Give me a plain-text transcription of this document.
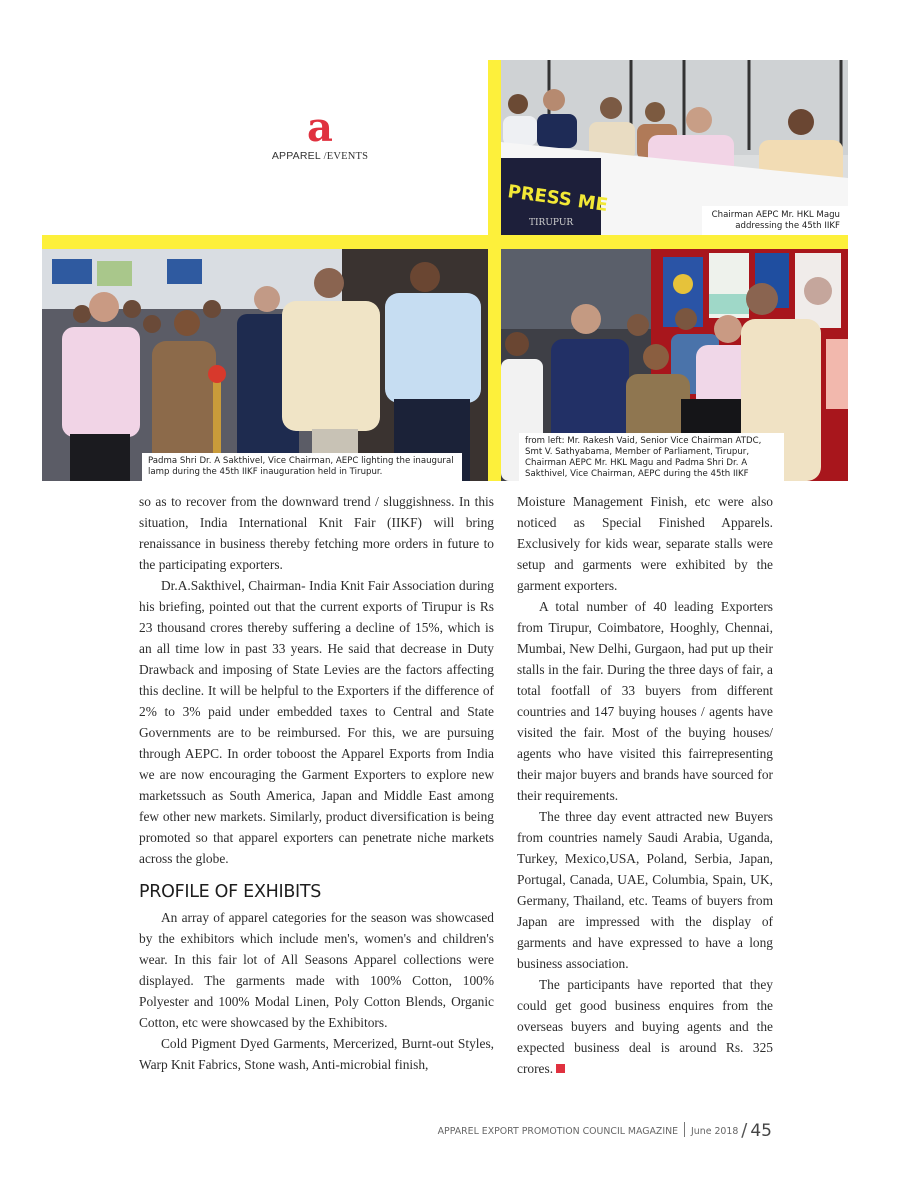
a
APPAREL /EVENTS
PRESS ME
TIRUPUR
Chairman AEPC Mr. HKL Magu
addressing the 45th IIKF
Padma Shri Dr. A Sakthivel, Vice Chairman, AEPC lighting the inaugural
lamp during the 45th IIKF inauguration held in Tirupur.
from left: Mr. Rakesh Vaid, Senior Vice Chairman ATDC,
Smt V. Sathyabama, Member of Parliament, Tirupur,
Chairman AEPC Mr. HKL Magu and Padma Shri Dr. A
Sakthivel, Vice Chairman, AEPC during the 45th IIKF

so as to recover from the downward trend / sluggishness. In this situation, India International Knit Fair (IIKF) will bring renaissance in business thereby fetching more orders in future to the participating exporters.

Dr.A.Sakthivel, Chairman- India Knit Fair Association during his briefing, pointed out that the current exports of Tirupur is Rs 23 thousand crores thereby suffering a decline of 15%, which is an all time low in past 33 years. He said that decrease in Duty Drawback and imposing of State Levies are the factors affecting this decline. It will be helpful to the Exporters if the difference of 2% to 3% paid under embedded taxes to Central and State Governments are to be reimbursed. For this, we are pursuing through AEPC. In order toboost the Apparel Exports from India we are now encouraging the Garment Exporters to explore new marketssuch as South America, Japan and Middle East among few other new markets. Similarly, product diversification is being promoted so that apparel exporters can penetrate niche markets across the globe.

PROFILE OF EXHIBITS

An array of apparel categories for the season was showcased by the exhibitors which include men's, women's and children's wear. In this fair lot of All Seasons Apparel collections were displayed. The garments made with 100% Cotton, 100% Polyester and 100% Modal Linen, Poly Cotton Blends, Organic Cotton, etc were showcased by the Exhibitors.

Cold Pigment Dyed Garments, Mercerized, Burnt-out Styles, Warp Knit Fabrics, Stone wash, Anti-microbial finish,

Moisture Management Finish, etc were also noticed as Special Finished Apparels. Exclusively for kids wear, separate stalls were setup and garments were exhibited by the garment exporters.

A total number of 40 leading Exporters from Tirupur, Coimbatore, Hooghly, Chennai, Mumbai, New Delhi, Gurgaon, had put up their stalls in the fair. During the three days of fair, a total footfall of 33 buyers from different countries and 147 buying houses / agents have visited the fair. Most of the buying houses/ agents who have visited this fairrepresenting their major buyers and brands have sourced for their requirements.

The three day event attracted new Buyers from countries namely Saudi Arabia, Uganda, Turkey, Mexico,USA, Poland, Serbia, Japan, Portugal, Canada, UAE, Columbia, Spain, UK, Germany, Thailand, etc. Teams of buyers from Japan are impressed with the display of garments and have expressed to have a long business association.

The participants have reported that they could get good business enquires from the overseas buyers and buying agents and the expected business deal is around Rs. 325 crores.

APPAREL EXPORT PROMOTION COUNCIL MAGAZINE June 2018 / 45
